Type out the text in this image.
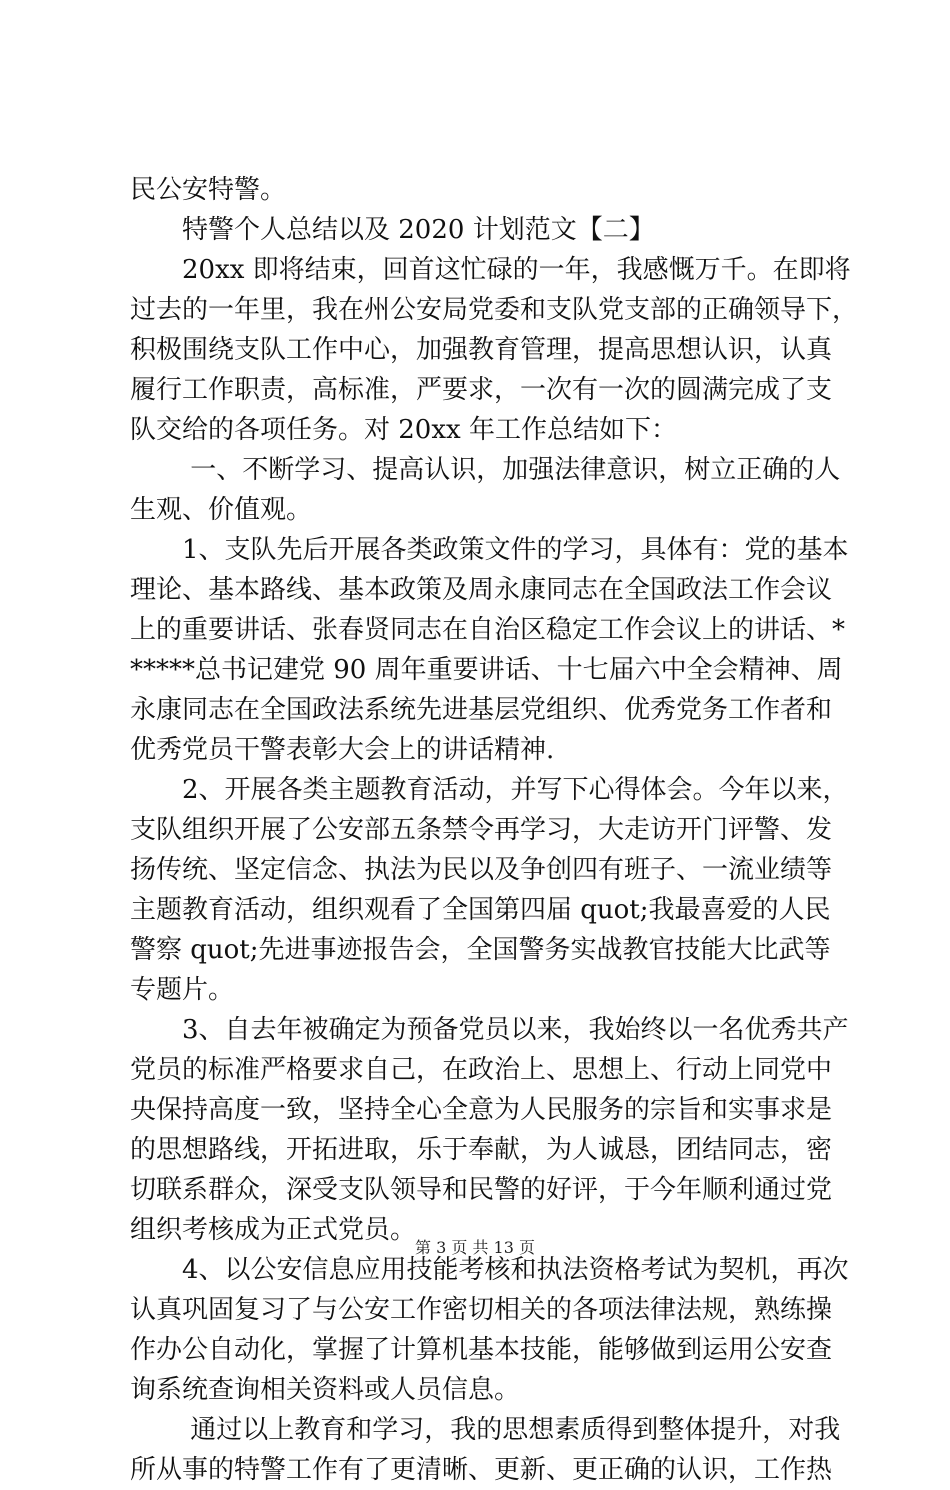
民公安特警。
　　特警个人总结以及 2020 计划范文【二】
　　20xx 即将结束，回首这忙碌的一年，我感慨万千。在即将
过去的一年里，我在州公安局党委和支队党支部的正确领导下，
积极围绕支队工作中心，加强教育管理，提高思想认识，认真
履行工作职责，高标准，严要求，一次有一次的圆满完成了支
队交给的各项任务。对 20xx 年工作总结如下：
　　 一、不断学习、提高认识，加强法律意识，树立正确的人
生观、价值观。
　　1、支队先后开展各类政策文件的学习，具体有：党的基本
理论、基本路线、基本政策及周永康同志在全国政法工作会议
上的重要讲话、张春贤同志在自治区稳定工作会议上的讲话、*
*****总书记建党 90 周年重要讲话、十七届六中全会精神、周
永康同志在全国政法系统先进基层党组织、优秀党务工作者和
优秀党员干警表彰大会上的讲话精神.
　　2、开展各类主题教育活动，并写下心得体会。今年以来，
支队组织开展了公安部五条禁令再学习，大走访开门评警、发
扬传统、坚定信念、执法为民以及争创四有班子、一流业绩等
主题教育活动，组织观看了全国第四届 quot;我最喜爱的人民
警察 quot;先进事迹报告会，全国警务实战教官技能大比武等
专题片。
　　3、自去年被确定为预备党员以来，我始终以一名优秀共产
党员的标准严格要求自己，在政治上、思想上、行动上同党中
央保持高度一致，坚持全心全意为人民服务的宗旨和实事求是
的思想路线，开拓进取，乐于奉献，为人诚恳，团结同志，密
切联系群众，深受支队领导和民警的好评，于今年顺利通过党
组织考核成为正式党员。
　　4、以公安信息应用技能考核和执法资格考试为契机，再次
认真巩固复习了与公安工作密切相关的各项法律法规，熟练操
作办公自动化，掌握了计算机基本技能，能够做到运用公安查
询系统查询相关资料或人员信息。
　　 通过以上教育和学习，我的思想素质得到整体提升，对我
所从事的特警工作有了更清晰、更新、更正确的认识，工作热
第 3 页 共 13 页
